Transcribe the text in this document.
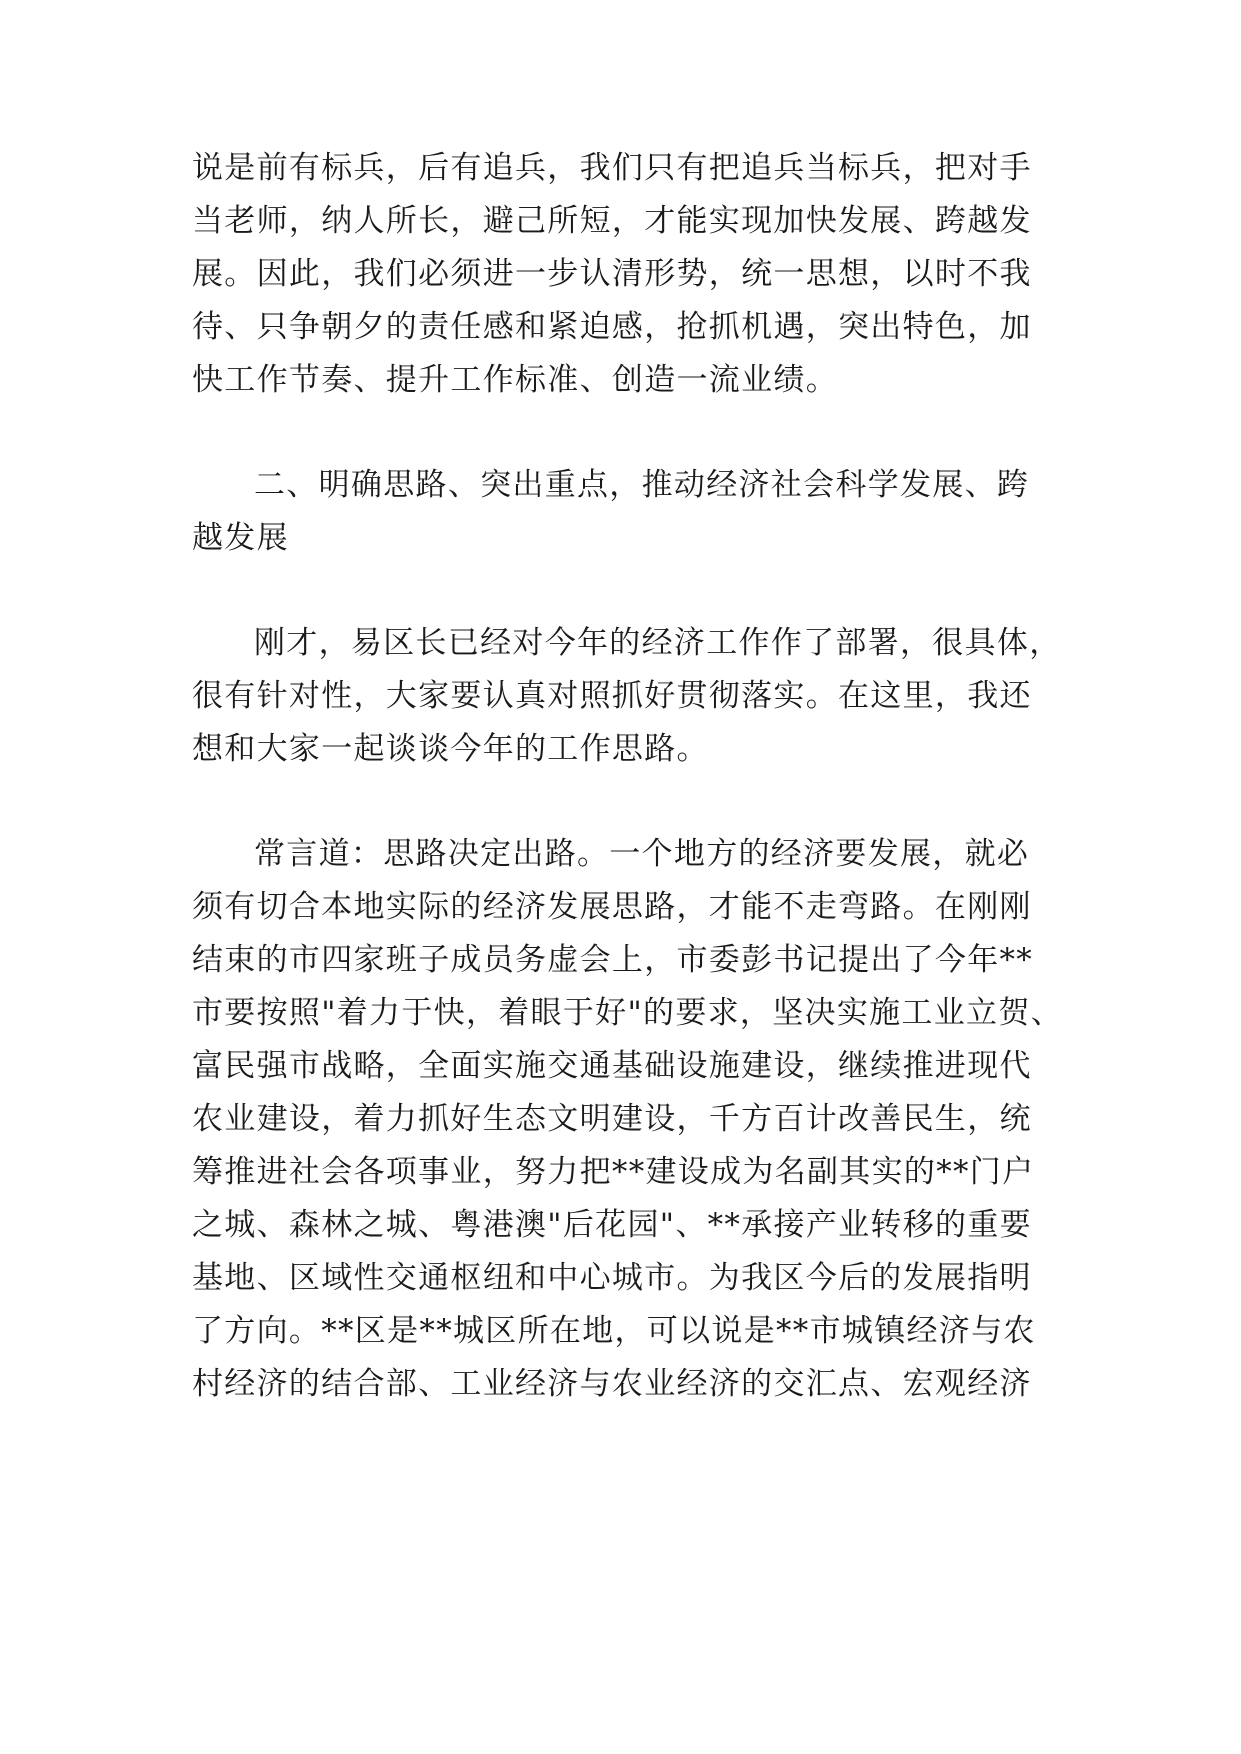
说是前有标兵，后有追兵，我们只有把追兵当标兵，把对手
当老师，纳人所长，避己所短，才能实现加快发展、跨越发
展。因此，我们必须进一步认清形势，统一思想，以时不我
待、只争朝夕的责任感和紧迫感，抢抓机遇，突出特色，加
快工作节奏、提升工作标准、创造一流业绩。
二、明确思路、突出重点，推动经济社会科学发展、跨
越发展
刚才，易区长已经对今年的经济工作作了部署，很具体，
很有针对性，大家要认真对照抓好贯彻落实。在这里，我还
想和大家一起谈谈今年的工作思路。
常言道：思路决定出路。一个地方的经济要发展，就必
须有切合本地实际的经济发展思路，才能不走弯路。在刚刚
结束的市四家班子成员务虚会上，市委彭书记提出了今年**
市要按照"着力于快，着眼于好"的要求，坚决实施工业立贺、
富民强市战略，全面实施交通基础设施建设，继续推进现代
农业建设，着力抓好生态文明建设，千方百计改善民生，统
筹推进社会各项事业，努力把**建设成为名副其实的**门户
之城、森林之城、粤港澳"后花园"、**承接产业转移的重要
基地、区域性交通枢纽和中心城市。为我区今后的发展指明
了方向。**区是**城区所在地，可以说是**市城镇经济与农
村经济的结合部、工业经济与农业经济的交汇点、宏观经济
